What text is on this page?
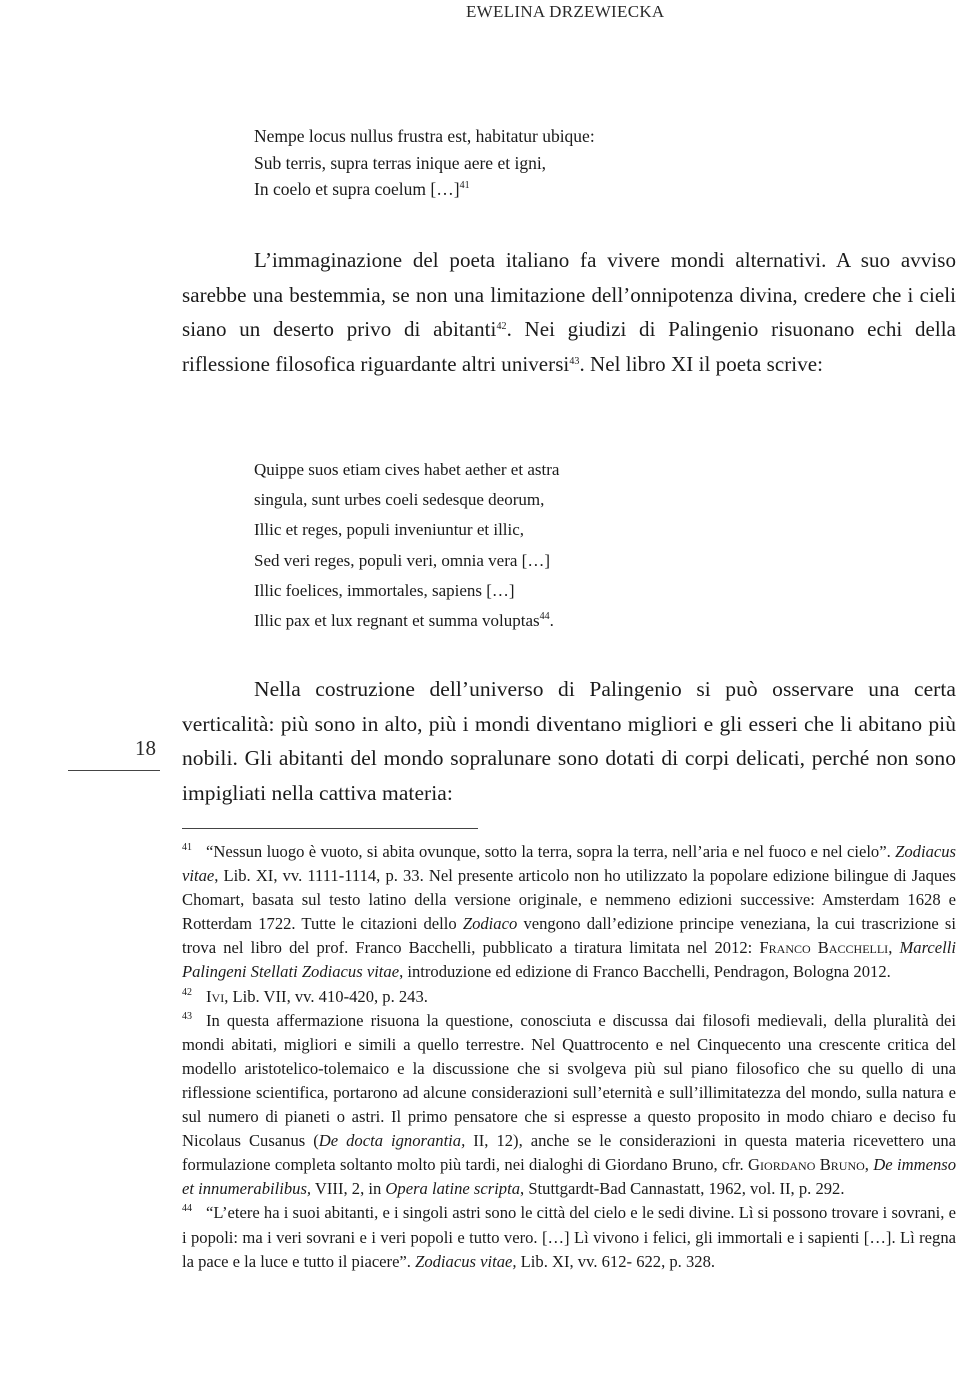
EWELINA DRZEWIECKA
Nempe locus nullus frustra est, habitatur ubique:
Sub terris, supra terras inique aere et igni,
In coelo et supra coelum […]$^{41}$

L’immaginazione del poeta italiano fa vivere mondi alternativi. A suo avviso sarebbe una bestemmia, se non una limitazione dell’onnipotenza divina, credere che i cieli siano un deserto privo di abitanti$^{42}$. Nei giudizi di Palingenio risuonano echi della riflessione filosofica riguardante altri universi$^{43}$. Nel libro XI il poeta scrive:

Quippe suos etiam cives habet aether et astra
singula, sunt urbes coeli sedesque deorum,
Illic et reges, populi inveniuntur et illic,
Sed veri reges, populi veri, omnia vera […]
Illic foelices, immortales, sapiens […]
Illic pax et lux regnant et summa voluptas$^{44}$.
18

Nella costruzione dell’universo di Palingenio si può osservare una certa verticalità: più sono in alto, più i mondi diventano migliori e gli esseri che li abitano più nobili. Gli abitanti del mondo sopralunare sono dotati di corpi delicati, perché non sono impigliati nella cattiva materia:

$^{41}$ “Nessun luogo è vuoto, si abita ovunque, sotto la terra, sopra la terra, nell’aria e nel fuoco e nel cielo”. Zodiacus vitae, Lib. XI, vv. 1111-1114, p. 33. Nel presente articolo non ho utilizzato la popolare edizione bilingue di Jaques Chomart, basata sul testo latino della versione originale, e nemmeno edizioni successive: Amsterdam 1628 e Rotterdam 1722. Tutte le citazioni dello Zodiaco vengono dall’edizione principe veneziana, la cui trascrizione si trova nel libro del prof. Franco Bacchelli, pubblicato a tiratura limitata nel 2012: Franco Bacchelli, Marcelli Palingeni Stellati Zodiacus vitae, introduzione ed edizione di Franco Bacchelli, Pendragon, Bologna 2012.

$^{42}$ Ivi, Lib. VII, vv. 410-420, p. 243.

$^{43}$ In questa affermazione risuona la questione, conosciuta e discussa dai filosofi medievali, della pluralità dei mondi abitati, migliori e simili a quello terrestre. Nel Quattrocento e nel Cinquecento una crescente critica del modello aristotelico-tolemaico e la discussione che si svolgeva più sul piano filosofico che su quello di una riflessione scientifica, portarono ad alcune considerazioni sull’eternità e sull’illimitatezza del mondo, sulla natura e sul numero di pianeti o astri. Il primo pensatore che si espresse a questo proposito in modo chiaro e deciso fu Nicolaus Cusanus (De docta ignorantia, II, 12), anche se le considerazioni in questa materia ricevettero una formulazione completa soltanto molto più tardi, nei dialoghi di Giordano Bruno, cfr. Giordano Bruno, De immenso et innumerabilibus, VIII, 2, in Opera latine scripta, Stuttgardt-Bad Cannastatt, 1962, vol. II, p. 292.

$^{44}$ “L’etere ha i suoi abitanti, e i singoli astri sono le città del cielo e le sedi divine. Lì si possono trovare i sovrani, e i popoli: ma i veri sovrani e i veri popoli e tutto vero. […] Lì vivono i felici, gli immortali e i sapienti […]. Lì regna la pace e la luce e tutto il piacere”. Zodiacus vitae, Lib. XI, vv. 612- 622, p. 328.
